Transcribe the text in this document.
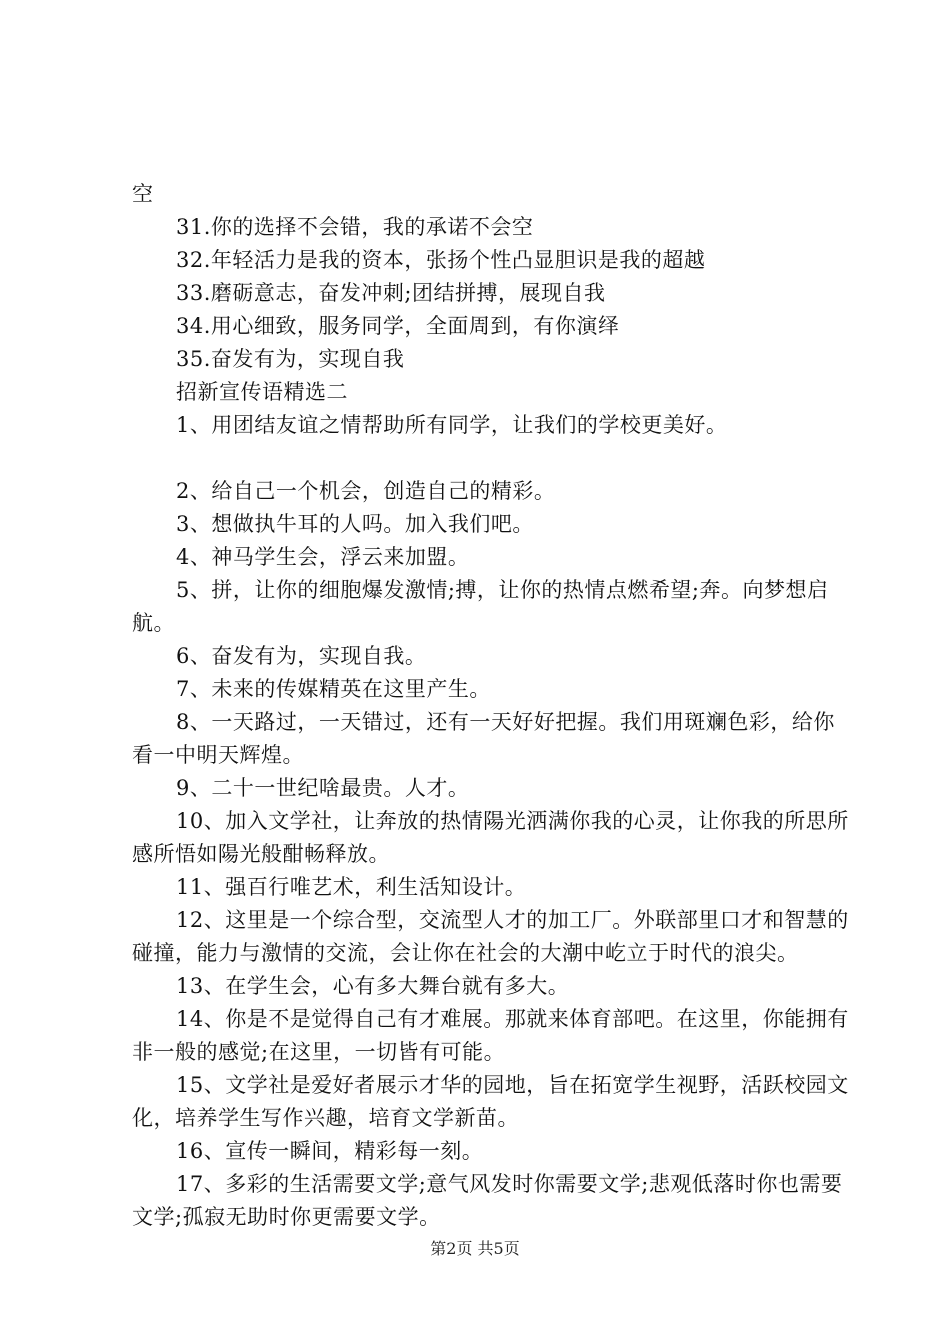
空

31.你的选择不会错，我的承诺不会空

32.年轻活力是我的资本，张扬个性凸显胆识是我的超越

33.磨砺意志，奋发冲刺;团结拼搏，展现自我

34.用心细致，服务同学，全面周到，有你演绎

35.奋发有为，实现自我

招新宣传语精选二

1、用团结友谊之情帮助所有同学，让我们的学校更美好。

2、给自己一个机会，创造自己的精彩。

3、想做执牛耳的人吗。加入我们吧。

4、神马学生会，浮云来加盟。

5、拼，让你的细胞爆发激情;搏，让你的热情点燃希望;奔。向梦想启航。

6、奋发有为，实现自我。

7、未来的传媒精英在这里产生。

8、一天路过，一天错过，还有一天好好把握。我们用斑斓色彩，给你看一中明天辉煌。

9、二十一世纪啥最贵。人才。

10、加入文学社，让奔放的热情陽光洒满你我的心灵，让你我的所思所感所悟如陽光般酣畅释放。

11、强百行唯艺术，利生活知设计。

12、这里是一个综合型，交流型人才的加工厂。外联部里口才和智慧的碰撞，能力与激情的交流，会让你在社会的大潮中屹立于时代的浪尖。

13、在学生会，心有多大舞台就有多大。

14、你是不是觉得自己有才难展。那就来体育部吧。在这里，你能拥有非一般的感觉;在这里，一切皆有可能。

15、文学社是爱好者展示才华的园地，旨在拓宽学生视野，活跃校园文化，培养学生写作兴趣，培育文学新苗。

16、宣传一瞬间，精彩每一刻。

17、多彩的生活需要文学;意气风发时你需要文学;悲观低落时你也需要文学;孤寂无助时你更需要文学。

第2页 共5页
